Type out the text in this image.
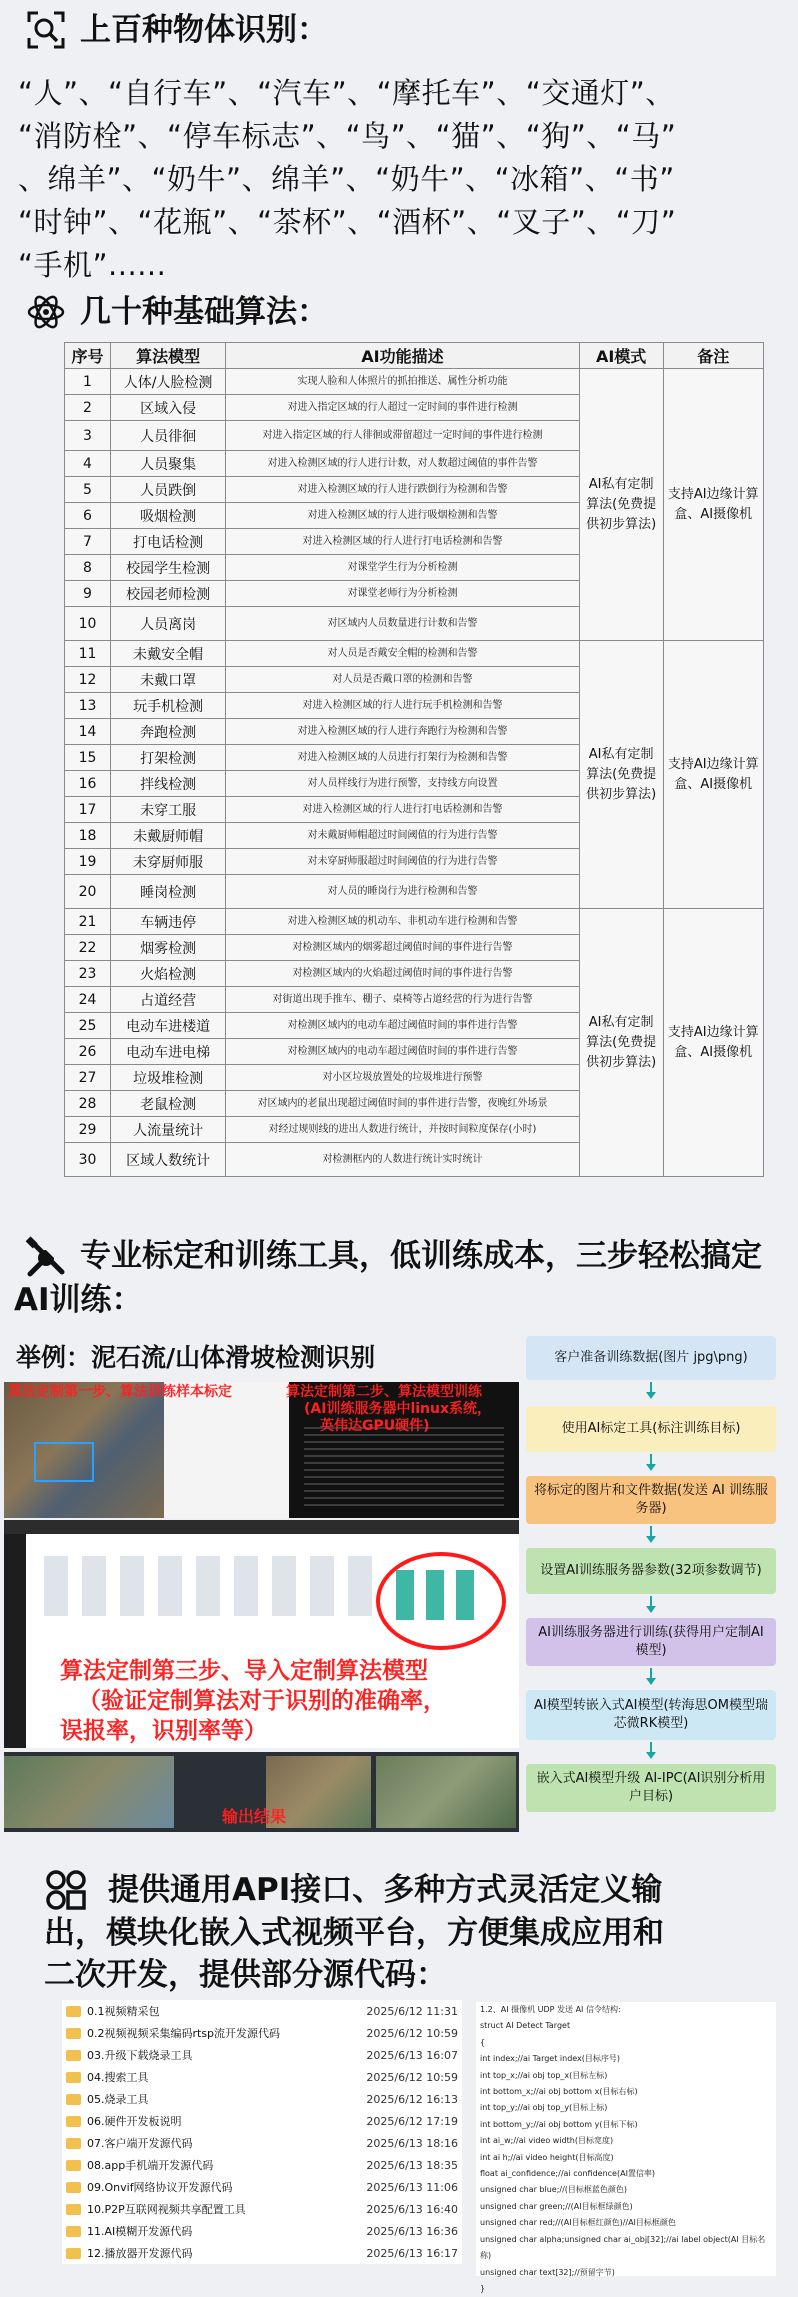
上百种物体识别：
“人”、“自行车”、“汽车”、“摩托车”、“交通灯”、
“消防栓”、“停车标志”、“鸟”、“猫”、“狗”、“马”
、绵羊”、“奶牛”、绵羊”、“奶牛”、“冰箱”、“书”
“时钟”、“花瓶”、“茶杯”、“酒杯”、“叉子”、“刀”
“手机”......
几十种基础算法：
序号	算法模型	AI功能描述	AI模式	备注
1	人体/人脸检测	实现人脸和人体照片的抓拍推送、属性分析功能	AI私有定制算法(免费提供初步算法)	支持AI边缘计算盒、AI摄像机
2	区域入侵	对进入指定区域的行人超过一定时间的事件进行检测		
3	人员徘徊	对进入指定区域的行人徘徊或滞留超过一定时间的事件进行检测		
4	人员聚集	对进入检测区域的行人进行计数，对人数超过阈值的事件告警		
5	人员跌倒	对进入检测区域的行人进行跌倒行为检测和告警		
6	吸烟检测	对进入检测区域的行人进行吸烟检测和告警		
7	打电话检测	对进入检测区域的行人进行打电话检测和告警		
8	校园学生检测	对课堂学生行为分析检测		
9	校园老师检测	对课堂老师行为分析检测		
10	人员离岗	对区域内人员数量进行计数和告警		
11	未戴安全帽	对人员是否戴安全帽的检测和告警	AI私有定制算法(免费提供初步算法)	支持AI边缘计算盒、AI摄像机
12	未戴口罩	对人员是否戴口罩的检测和告警		
13	玩手机检测	对进入检测区域的行人进行玩手机检测和告警		
14	奔跑检测	对进入检测区域的行人进行奔跑行为检测和告警		
15	打架检测	对进入检测区域的人员进行打架行为检测和告警		
16	拌线检测	对人员样线行为进行预警，支持线方向设置		
17	未穿工服	对进入检测区域的行人进行打电话检测和告警		
18	未戴厨师帽	对未戴厨师帽超过时间阈值的行为进行告警		
19	未穿厨师服	对未穿厨师服超过时间阈值的行为进行告警		
20	睡岗检测	对人员的睡岗行为进行检测和告警		
21	车辆违停	对进入检测区域的机动车、非机动车进行检测和告警	AI私有定制算法(免费提供初步算法)	支持AI边缘计算盒、AI摄像机
22	烟雾检测	对检测区域内的烟雾超过阈值时间的事件进行告警		
23	火焰检测	对检测区域内的火焰超过阈值时间的事件进行告警		
24	占道经营	对街道出现手推车、棚子、桌椅等占道经营的行为进行告警		
25	电动车进楼道	对检测区域内的电动车超过阈值时间的事件进行告警		
26	电动车进电梯	对检测区域内的电动车超过阈值时间的事件进行告警		
27	垃圾堆检测	对小区垃圾放置处的垃圾堆进行预警		
28	老鼠检测	对区域内的老鼠出现超过阈值时间的事件进行告警，夜晚红外场景		
29	人流量统计	对经过规则线的进出人数进行统计，并按时间粒度保存(小时)		
30	区域人数统计	对检测框内的人数进行统计实时统计		
专业标定和训练工具，低训练成本，三步轻松搞定
AI训练：
举例：泥石流/山体滑坡检测识别
算法定制第一步、算法训练样本标定	算法定制第二步、算法模型训练
(AI训练服务器中linux系统，
英伟达GPU硬件)
算法定制第三步、导入定制算法模型
（验证定制算法对于识别的准确率，
误报率，识别率等）
输出结果
客户准备训练数据(图片 jpg\png)
使用AI标定工具(标注训练目标)
将标定的图片和文件数据(发送 AI 训练服务器)
设置AI训练服务器参数(32项参数调节)
AI训练服务器进行训练(获得用户定制AI 模型)
AI模型转嵌入式AI模型(转海思OM模型瑞芯微RK模型)
嵌入式AI模型升级 AI-IPC(AI识别分析用户目标)
提供通用API接口、多种方式灵活定义输
出，模块化嵌入式视频平台，方便集成应用和
二次开发，提供部分源代码：
0.1视频精采包	2025/6/12 11:31
0.2视频视频采集编码rtsp流开发源代码	2025/6/12 10:59
03.升级下载烧录工具	2025/6/13 16:07
04.搜索工具	2025/6/12 10:59
05.烧录工具	2025/6/12 16:13
06.硬件开发板说明	2025/6/12 17:19
07.客户端开发源代码	2025/6/13 18:16
08.app手机端开发源代码	2025/6/13 18:35
09.Onvif网络协议开发源代码	2025/6/13 11:06
10.P2P互联网视频共享配置工具	2025/6/13 16:40
11.AI模糊开发源代码	2025/6/13 16:36
12.播放器开发源代码	2025/6/13 16:17
1.2、AI 摄像机 UDP 发送 AI 信令结构:
struct AI Detect Target
{
int index;//ai Target index(目标序号)
int top_x;//ai obj top_x(目标左标)
int bottom_x;//ai obj bottom x(目标右标)
int top_y;//ai obj top_y(目标上标)
int bottom_y;//ai obj bottom y(目标下标)
int ai_w;//ai video width(目标宽度)
int ai h;//ai video height(目标高度)
float ai_confidence;//ai confidence(AI置信率)
unsigned char blue;//(目标框蓝色颜色)
unsigned char green;//(AI目标框绿颜色)
unsigned char red;//(AI目标框红颜色)//AI目标框颜色
unsigned char alpha;unsigned char ai_obj[32];//ai label object(AI 目标名称)
unsigned char text[32];//预留字节)
}
